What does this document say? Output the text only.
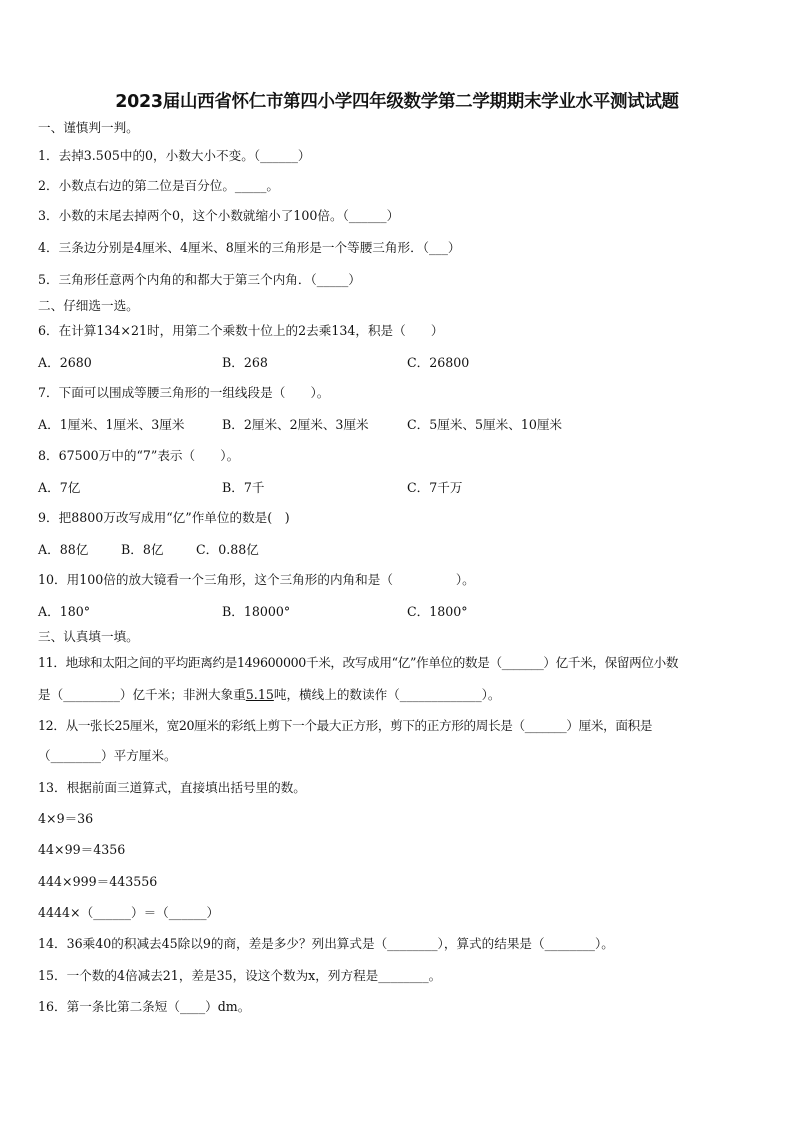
2023届山西省怀仁市第四小学四年级数学第二学期期末学业水平测试试题
一、谨慎判一判。
1．去掉3.505中的0，小数大小不变。（______）
2．小数点右边的第二位是百分位。_____。
3．小数的末尾去掉两个0，这个小数就缩小了100倍。（______）
4．三条边分别是4厘米、4厘米、8厘米的三角形是一个等腰三角形．（___）
5．三角形任意两个内角的和都大于第三个内角．（_____）
二、仔细选一选。
6．在计算134×21时，用第二个乘数十位上的2去乘134，积是（　　）
A．2680	B．268	C．26800
7．下面可以围成等腰三角形的一组线段是（　　）。
A．1厘米、1厘米、3厘米	B．2厘米、2厘米、3厘米	C．5厘米、5厘米、10厘米
8．67500万中的“7”表示（　　）。
A．7亿	B．7千	C．7千万
9．把8800万改写成用“亿”作单位的数是(　)
A．88亿	B．8亿	C．0.88亿
10．用100倍的放大镜看一个三角形，这个三角形的内角和是（　　　　　）。
A．180°	B．18000°	C．1800°
三、认真填一填。
11．地球和太阳之间的平均距离约是149600000千米，改写成用“亿”作单位的数是（_______）亿千米，保留两位小数
是（_________）亿千米；非洲大象重5.15吨，横线上的数读作（_____________）。
12．从一张长25厘米，宽20厘米的彩纸上剪下一个最大正方形，剪下的正方形的周长是（_______）厘米，面积是
（________）平方厘米。
13．根据前面三道算式，直接填出括号里的数。
4×9＝36
44×99＝4356
444×999＝443556
4444×（______）＝（______）
14．36乘40的积减去45除以9的商，差是多少？列出算式是（________），算式的结果是（________）。
15．一个数的4倍减去21，差是35，设这个数为x，列方程是________。
16．第一条比第二条短（____）dm。
